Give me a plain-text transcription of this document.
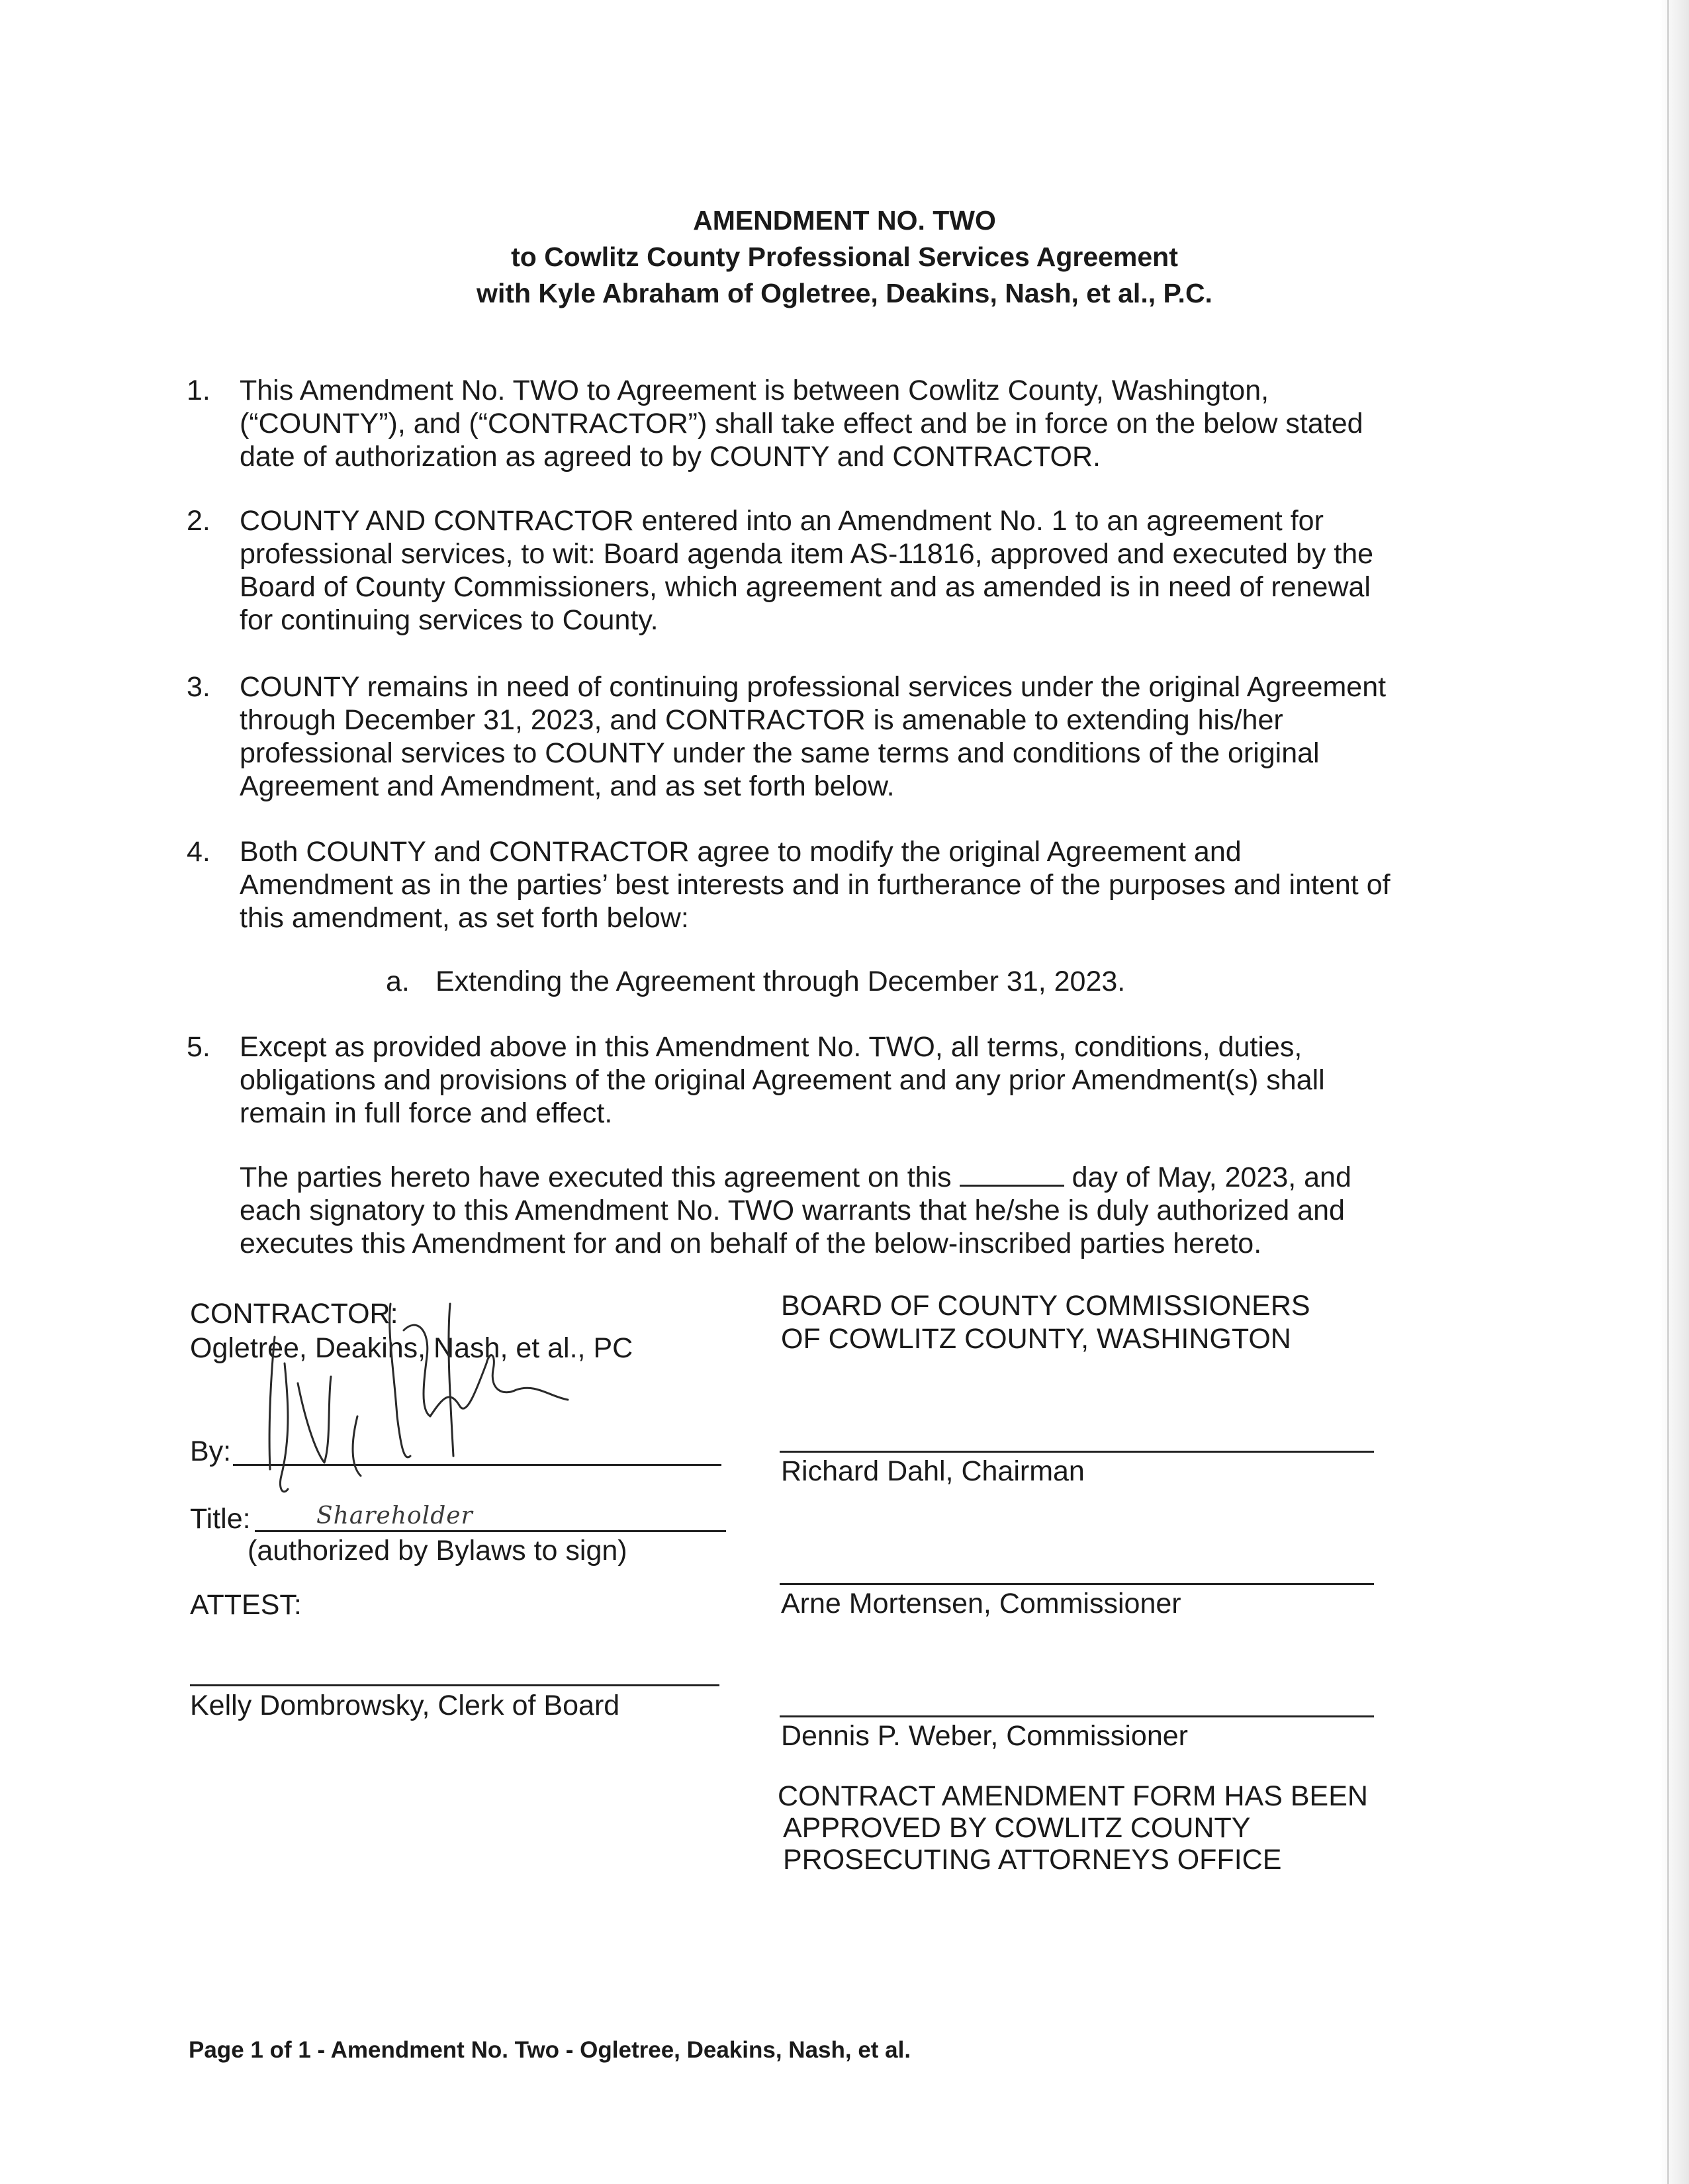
AMENDMENT NO. TWO
to Cowlitz County Professional Services Agreement
with Kyle Abraham of Ogletree, Deakins, Nash, et al., P.C.
1.	This Amendment No. TWO to Agreement is between Cowlitz County, Washington,
(“COUNTY”), and (“CONTRACTOR”) shall take effect and be in force on the below stated
date of authorization as agreed to by COUNTY and CONTRACTOR.
2.	COUNTY AND CONTRACTOR entered into an Amendment No. 1 to an agreement for
professional services, to wit: Board agenda item AS-11816, approved and executed by the
Board of County Commissioners, which agreement and as amended is in need of renewal
for continuing services to County.
3.	COUNTY remains in need of continuing professional services under the original Agreement
through December 31, 2023, and CONTRACTOR is amenable to extending his/her
professional services to COUNTY under the same terms and conditions of the original
Agreement and Amendment, and as set forth below.
4.	Both COUNTY and CONTRACTOR agree to modify the original Agreement and
Amendment as in the parties’ best interests and in furtherance of the purposes and intent of
this amendment, as set forth below:
a. Extending the Agreement through December 31, 2023.
5.	Except as provided above in this Amendment No. TWO, all terms, conditions, duties,
obligations and provisions of the original Agreement and any prior Amendment(s) shall
remain in full force and effect.
The parties hereto have executed this agreement on this	day of May, 2023, and
each signatory to this Amendment No. TWO warrants that he/she is duly authorized and
executes this Amendment for and on behalf of the below-inscribed parties hereto.
CONTRACTOR:
Ogletree, Deakins, Nash, et al., PC
By:
Title:	Shareholder
(authorized by Bylaws to sign)
ATTEST:
Kelly Dombrowsky, Clerk of Board
BOARD OF COUNTY COMMISSIONERS
OF COWLITZ COUNTY, WASHINGTON
Richard Dahl, Chairman
Arne Mortensen, Commissioner
Dennis P. Weber, Commissioner
CONTRACT AMENDMENT FORM HAS BEEN
APPROVED BY COWLITZ COUNTY
PROSECUTING ATTORNEYS OFFICE
Page 1 of 1 - Amendment No. Two - Ogletree, Deakins, Nash, et al.
